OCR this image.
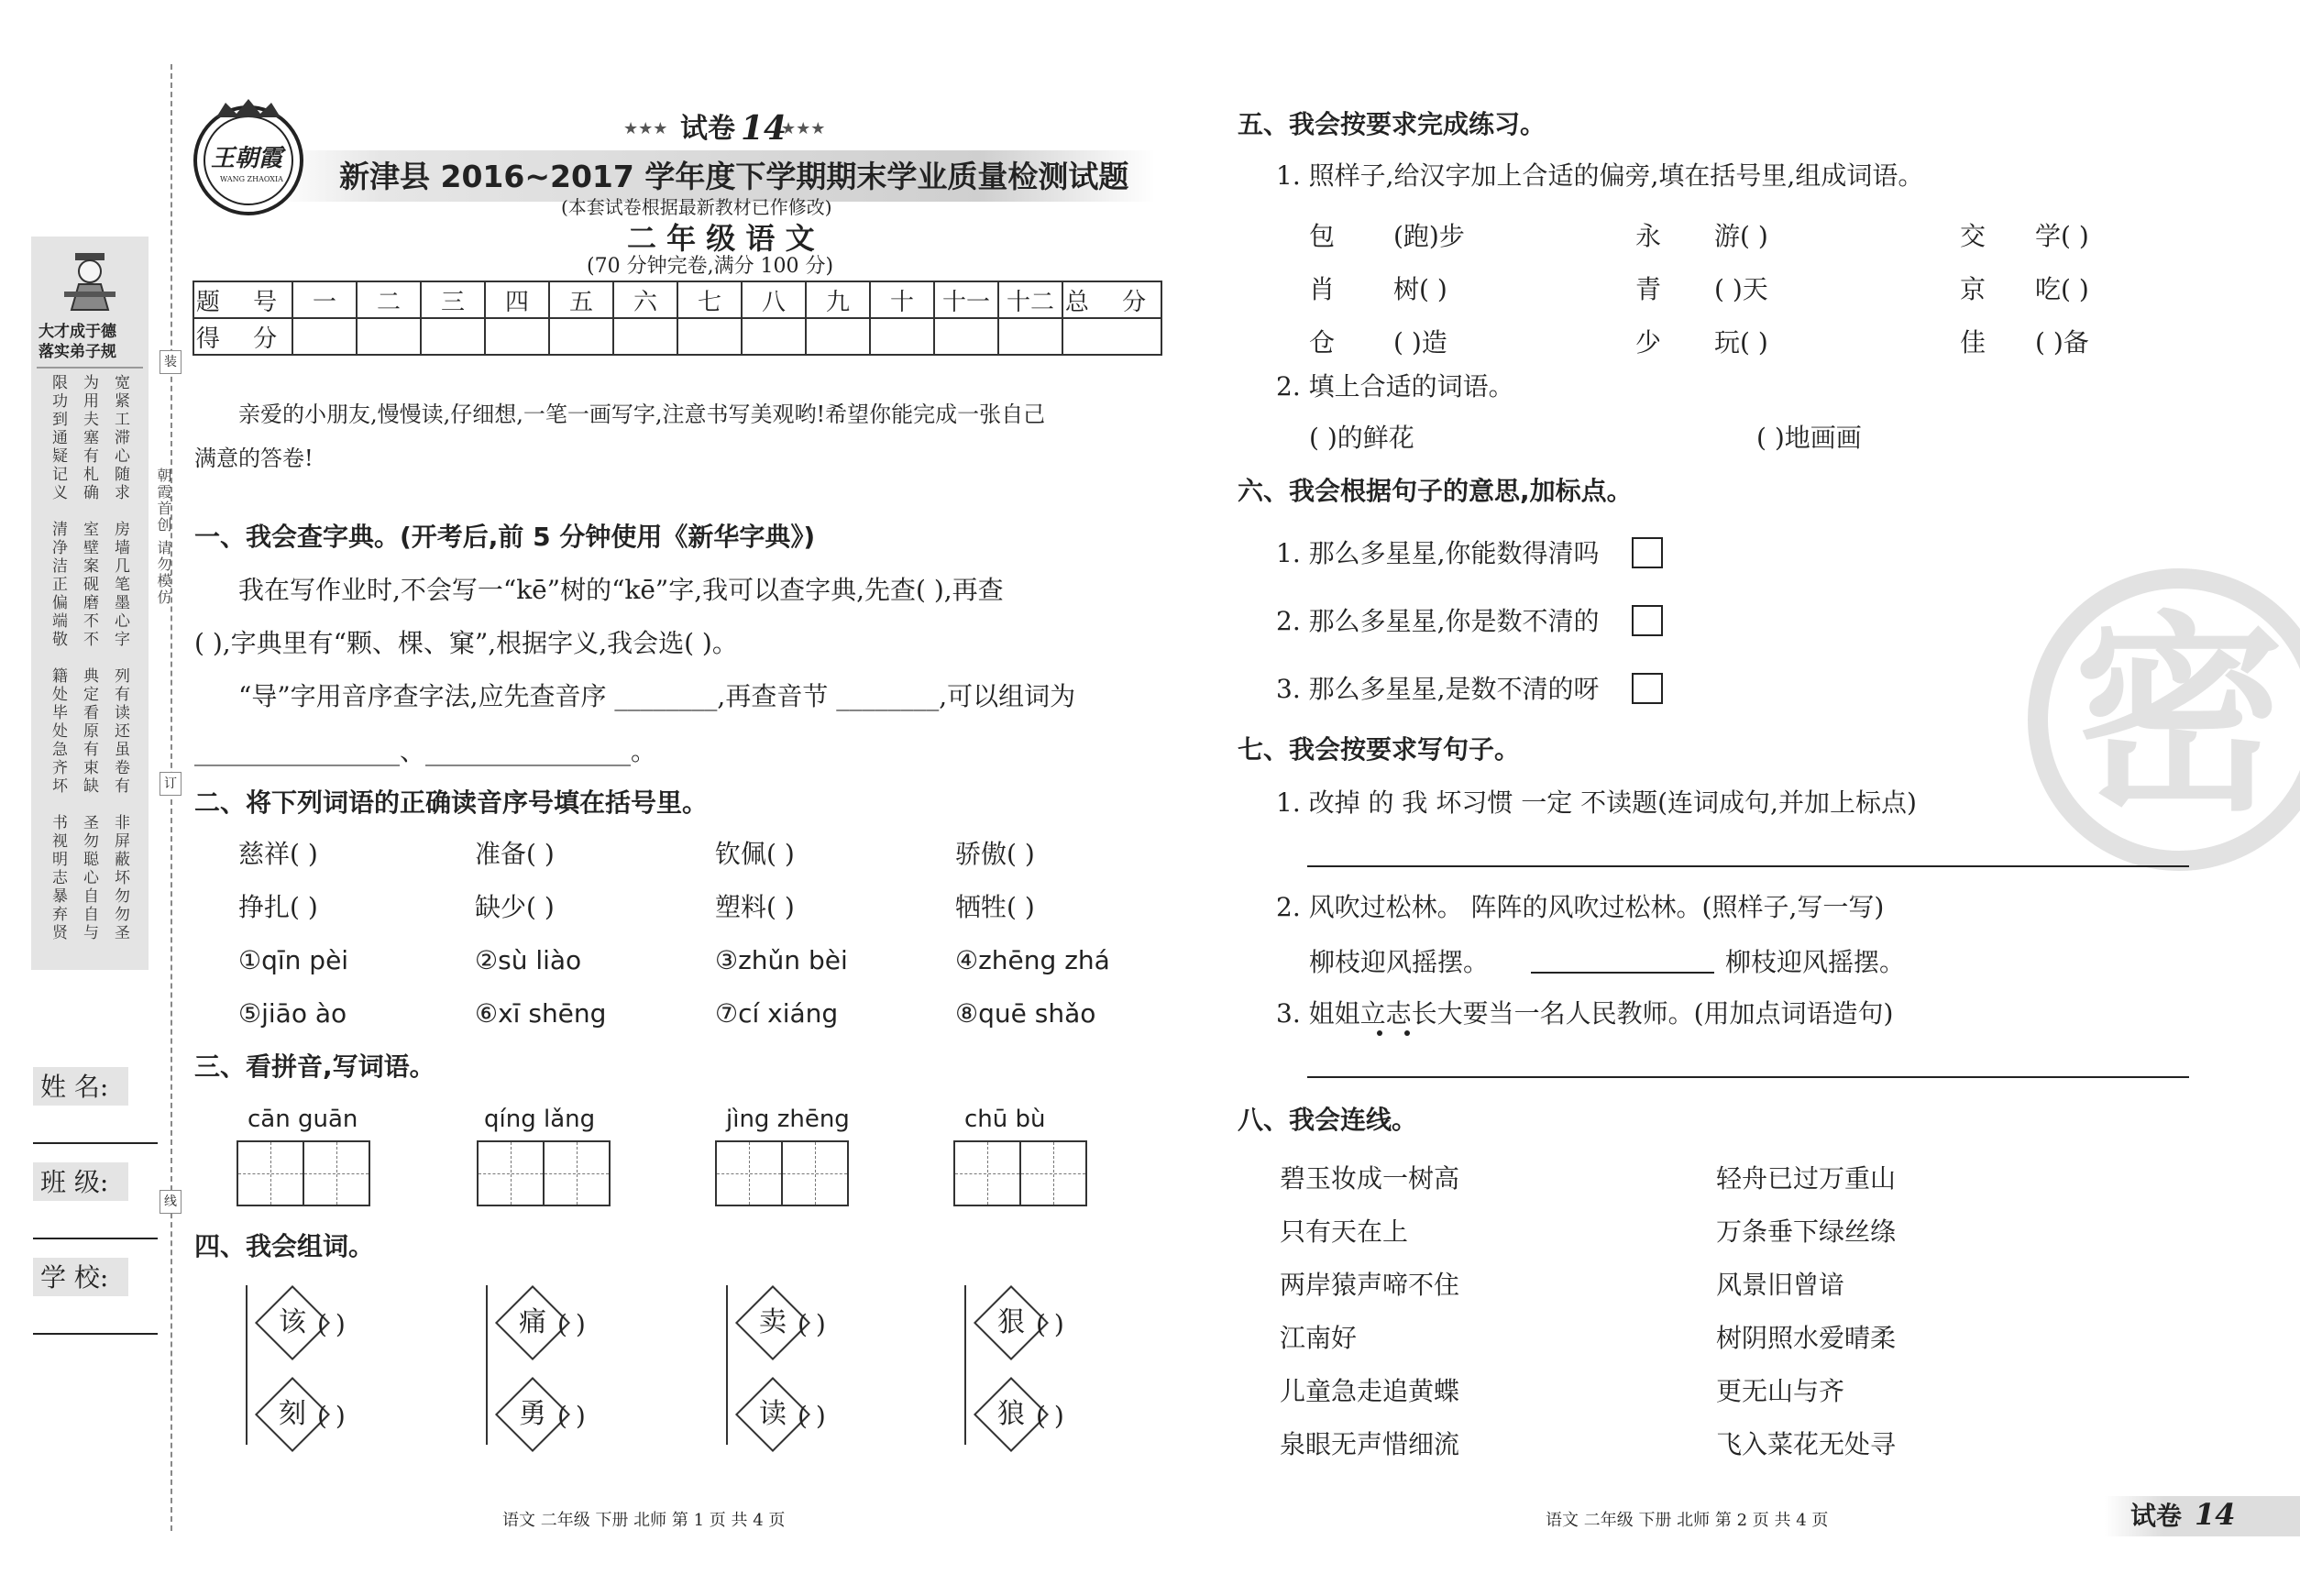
大才成于德
落实弟子规
宽紧工滞心随求
为用夫塞有札确
限功到通疑记义
房墙几笔墨心字
室壁案砚磨不不
清净洁正偏端敬
列有读还虽卷有
典定看原有束缺
籍处毕处急齐坏
非屏蔽坏勿勿圣
圣勿聪心自自与
书视明志暴弃贤
朝霞首创 请勿模仿
装
订
线
姓 名:
班 级:
学 校:
王朝霞
WANG ZHAOXIA
★★★ 试卷 14
★★★
新津县 2016~2017 学年度下学期期末学业质量检测试题
(本套试卷根据最新教材已作修改)
二 年 级 语 文
(70 分钟完卷,满分 100 分)
题 号	一	二	三	四	五	六	七	八	九	十	十一	十二	总 分
得 分													
亲爱的小朋友,慢慢读,仔细想,一笔一画写字,注意书写美观哟!希望你能完成一张自己
满意的答卷!
一、我会查字典。(开考后,前 5 分钟使用《新华字典》)
我在写作业时,不会写一“kē”树的“kē”字,我可以查字典,先查( ),再查
( ),字典里有“颗、棵、窠”,根据字义,我会选( )。
“导”字用音序查字法,应先查音序 ________,再查音节 ________,可以组词为
________________、________________。
二、将下列词语的正确读音序号填在括号里。
慈祥( )	准备( )	钦佩( )	骄傲( )
挣扎( )	缺少( )	塑料( )	牺牲( )
①qīn pèi	②sù liào	③zhǔn bèi	④zhēng zhá
⑤jiāo ào	⑥xī shēng	⑦cí xiáng	⑧quē shǎo
三、看拼音,写词语。
cān guān	qíng lǎng	jìng zhēng	chū bù
四、我会组词。
该 ( )
刻 ( )
痛 ( )
勇 ( )
卖 ( )
读 ( )
狠 ( )
狼 ( )
语文 二年级 下册 北师 第 1 页 共 4 页
密
五、我会按要求完成练习。
1. 照样子,给汉字加上合适的偏旁,填在括号里,组成词语。
包 (跑)步	永 游( )	交 学( )
肖 树( )	青 ( )天	京 吃( )
仓 ( )造	少 玩( )	佳 ( )备
2. 填上合适的词语。
( )的鲜花	( )地画画
六、我会根据句子的意思,加标点。
1. 那么多星星,你能数得清吗
2. 那么多星星,你是数不清的
3. 那么多星星,是数不清的呀
七、我会按要求写句子。
1. 改掉 的 我 坏习惯 一定 不读题(连词成句,并加上标点)
2. 风吹过松林。 阵阵的风吹过松林。(照样子,写一写)
柳枝迎风摇摆。	柳枝迎风摇摆。
3. 姐姐立志长大要当一名人民教师。(用加点词语造句)
八、我会连线。
碧玉妆成一树高	轻舟已过万重山
只有天在上	万条垂下绿丝绦
两岸猿声啼不住	风景旧曾谙
江南好	树阴照水爱晴柔
儿童急走追黄蝶	更无山与齐
泉眼无声惜细流	飞入菜花无处寻
语文 二年级 下册 北师 第 2 页 共 4 页	试卷 14
